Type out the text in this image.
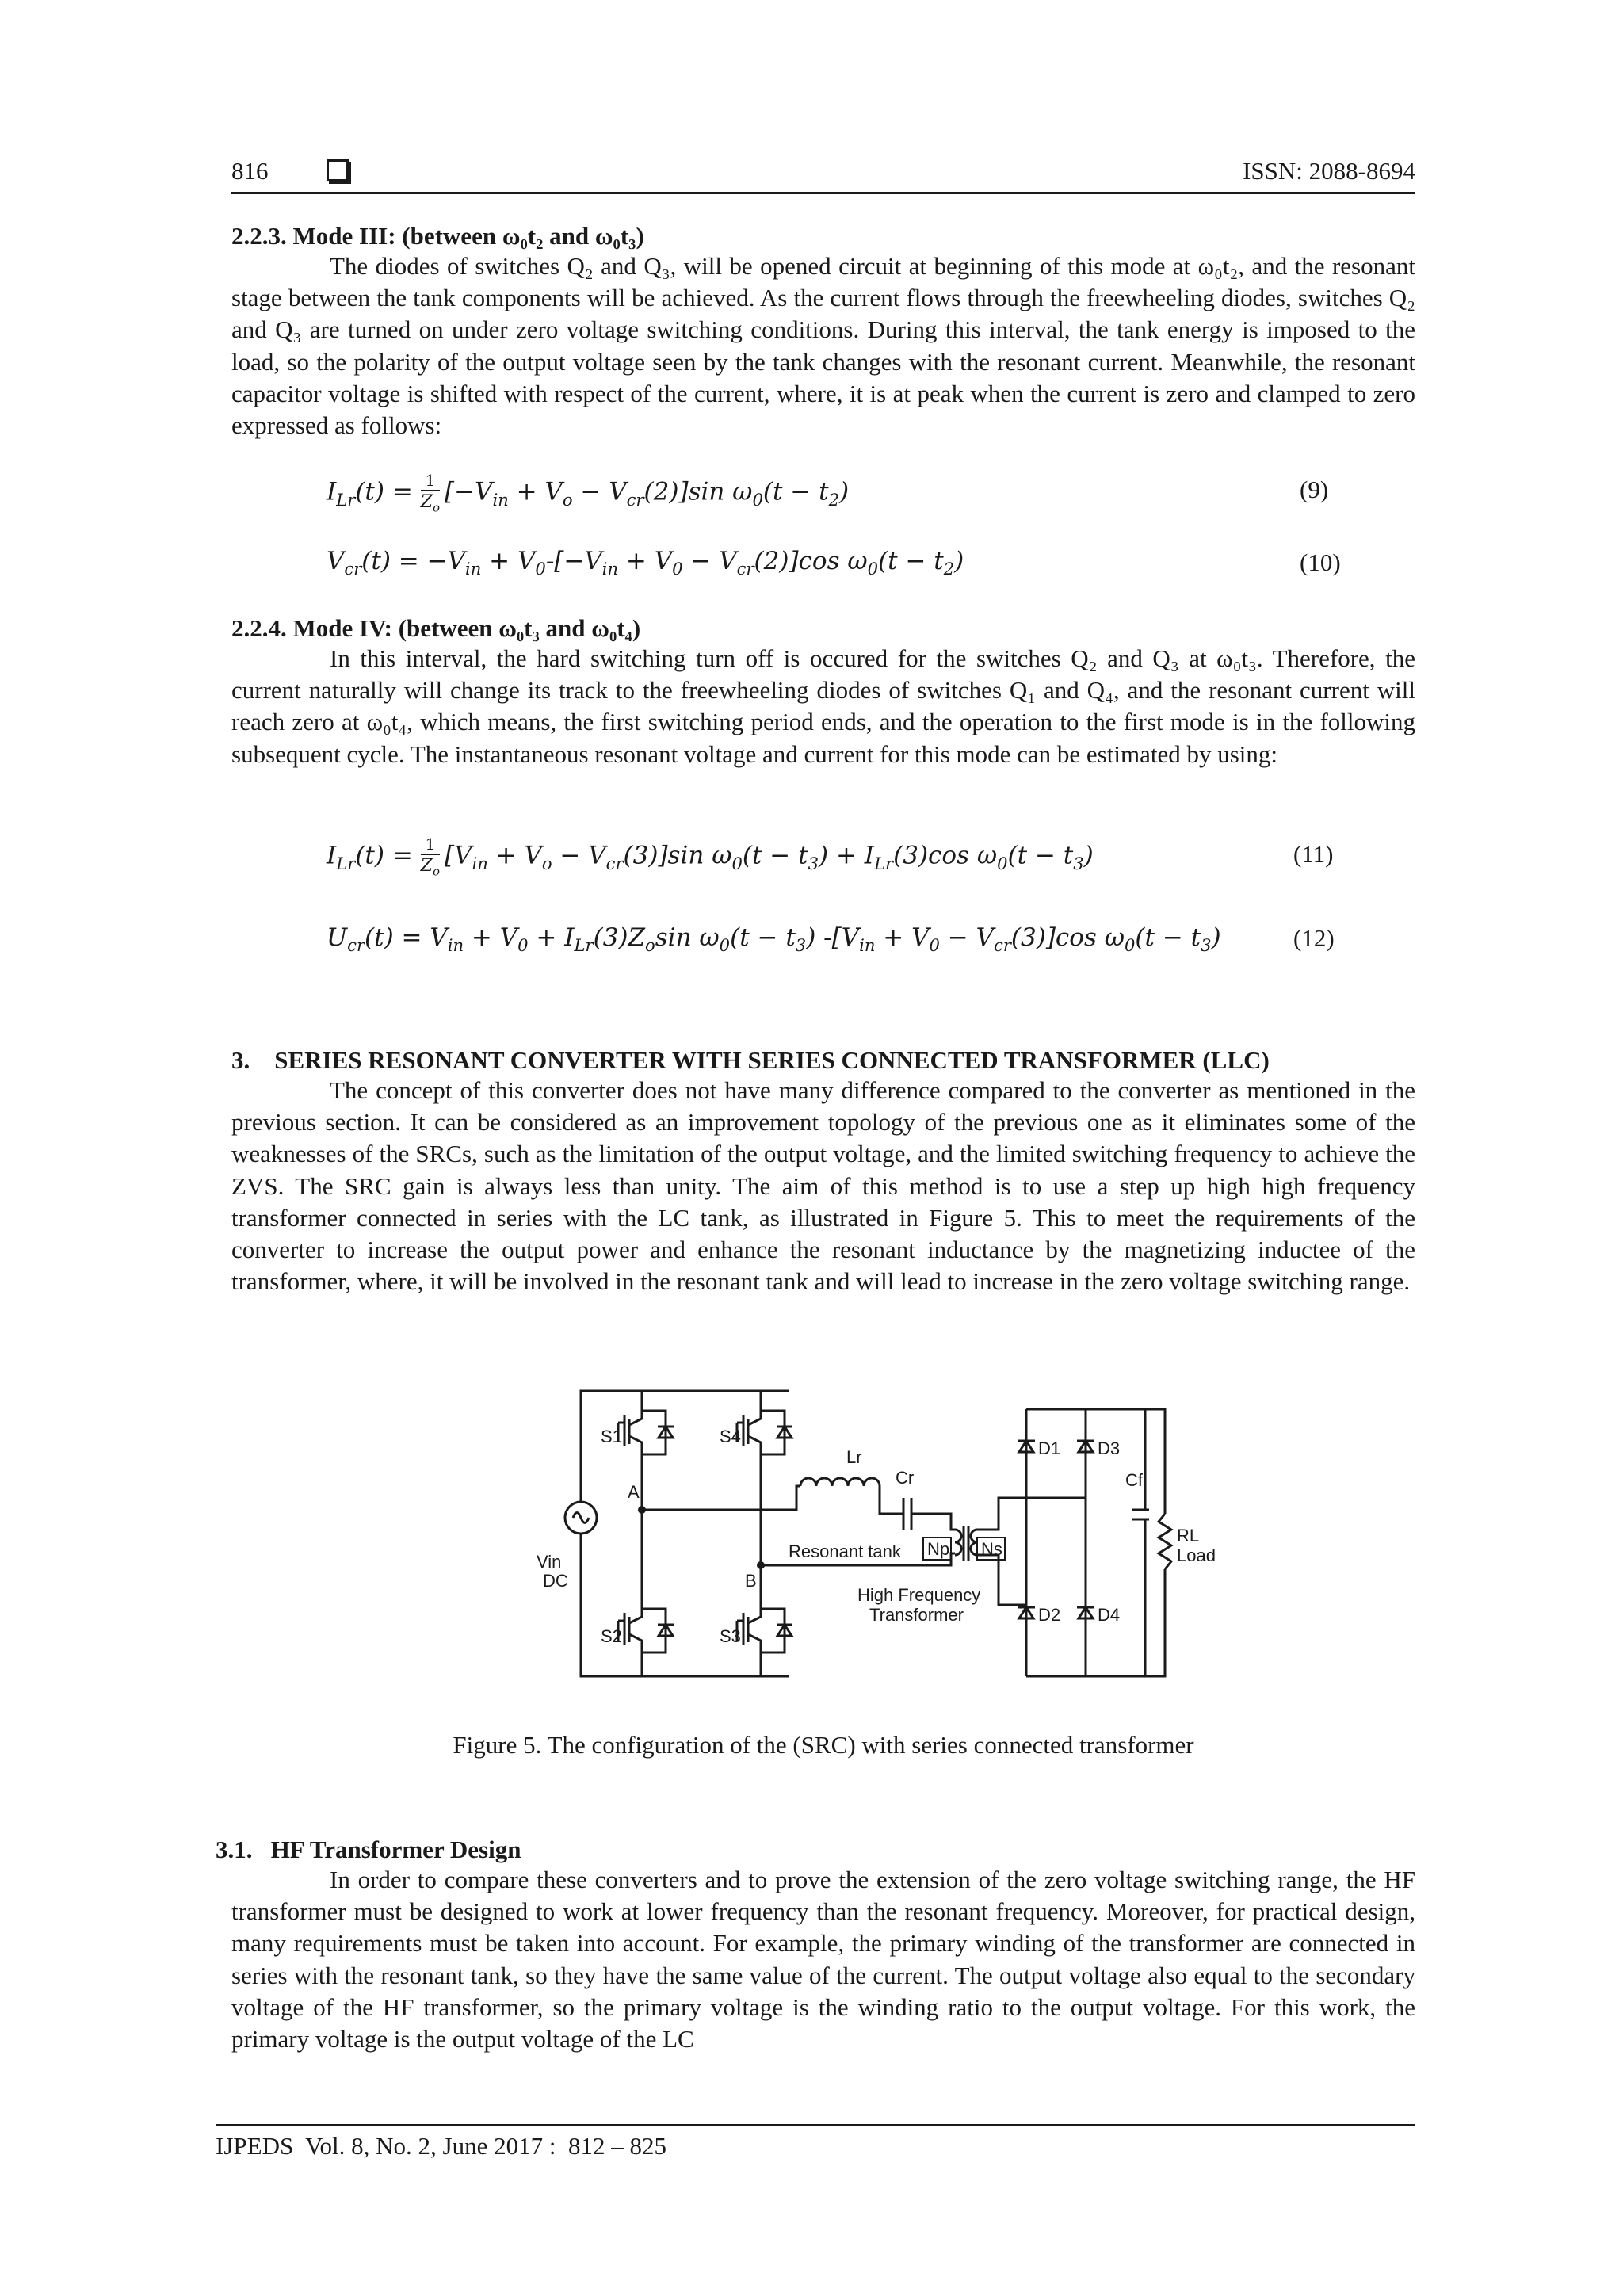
816	ISSN: 2088-8694
2.2.3. Mode III: (between ω₀t₂ and ω₀t₃)
The diodes of switches Q₂ and Q₃, will be opened circuit at beginning of this mode at ω₀t₂, and the resonant stage between the tank components will be achieved. As the current flows through the freewheeling diodes, switches Q₂ and Q₃ are turned on under zero voltage switching conditions. During this interval, the tank energy is imposed to the load, so the polarity of the output voltage seen by the tank changes with the resonant current. Meanwhile, the resonant capacitor voltage is shifted with respect of the current, where, it is at peak when the current is zero and clamped to zero expressed as follows:
$I_{Lr}(t) = \frac{1}{Z_o} [-V_{in} + V_o - V_{cr}(2)]\sin$ $\omega_0(t - t_2)$	(9)
$V_{cr}(t) = -V_{in} + V_0-[-V_{in} + V_0 - V_{cr}(2)]\cos$ $\omega_0(t - t_2)$	(10)
2.2.4. Mode IV: (between ω₀t₃ and ω₀t₄)
In this interval, the hard switching turn off is occured for the switches Q₂ and Q₃ at ω₀t₃. Therefore, the current naturally will change its track to the freewheeling diodes of switches Q₁ and Q₄, and the resonant current will reach zero at ω₀t₄, which means, the first switching period ends, and the operation to the first mode is in the following subsequent cycle. The instantaneous resonant voltage and current for this mode can be estimated by using:
$I_{Lr}(t) = \frac{1}{Z_o} [V_{in} + V_o - V_{cr}(3)]\sin$ $\omega_0(t - t_3) + I_{Lr}(3)\cos$ $\omega_0(t - t_3)$	(11)
$U_{cr}(t) = V_{in} + V_0 + I_{Lr}(3)Z_o\sin$ $\omega_0(t - t_3) -[V_{in} + V_0 - V_{cr}(3)]\cos$ $\omega_0(t - t_3)$	(12)
3.    SERIES RESONANT CONVERTER WITH SERIES CONNECTED TRANSFORMER (LLC)
The concept of this converter does not have many difference compared to the converter as mentioned in the previous section. It can be considered as an improvement topology of the previous one as it eliminates some of the weaknesses of the SRCs, such as the limitation of the output voltage, and the limited switching frequency to achieve the ZVS. The SRC gain is always less than unity. The aim of this method is to use a step up high high frequency transformer connected in series with the LC tank, as illustrated in Figure 5. This to meet the requirements of the converter to increase the output power and enhance the resonant inductance by the magnetizing inductee of the transformer, where, it will be involved in the resonant tank and will lead to increase in the zero voltage switching range.
Vin
DC
S1
A
S2
S4
B
S3
Lr
Cr
Resonant tank Np Ns
High Frequency
Transformer
D1 D3
D2 D4
Cf
RL
Load
Figure 5. The configuration of the (SRC) with series connected transformer
3.1.   HF Transformer Design
In order to compare these converters and to prove the extension of the zero voltage switching range, the HF transformer must be designed to work at lower frequency than the resonant frequency. Moreover, for practical design, many requirements must be taken into account. For example, the primary winding of the transformer are connected in series with the resonant tank, so they have the same value of the current. The output voltage also equal to the secondary voltage of the HF transformer, so the primary voltage is the winding ratio to the output voltage. For this work, the primary voltage is the output voltage of the LC
IJPEDS  Vol. 8, No. 2, June 2017 :  812 – 825
